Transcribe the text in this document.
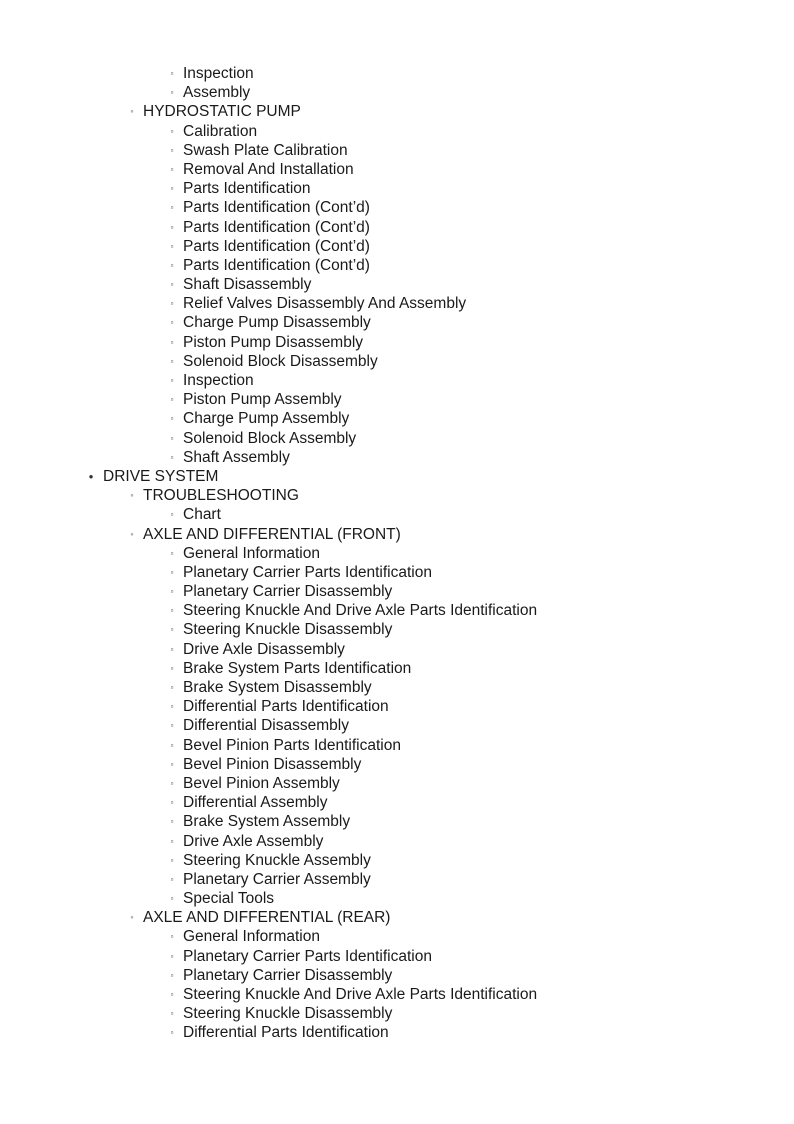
▫ Inspection
▫ Assembly
◦ HYDROSTATIC PUMP
▫ Calibration
▫ Swash Plate Calibration
▫ Removal And Installation
▫ Parts Identification
▫ Parts Identification (Cont’d)
▫ Parts Identification (Cont’d)
▫ Parts Identification (Cont’d)
▫ Parts Identification (Cont’d)
▫ Shaft Disassembly
▫ Relief Valves Disassembly And Assembly
▫ Charge Pump Disassembly
▫ Piston Pump Disassembly
▫ Solenoid Block Disassembly
▫ Inspection
▫ Piston Pump Assembly
▫ Charge Pump Assembly
▫ Solenoid Block Assembly
▫ Shaft Assembly
• DRIVE SYSTEM
◦ TROUBLESHOOTING
▫ Chart
◦ AXLE AND DIFFERENTIAL (FRONT)
▫ General Information
▫ Planetary Carrier Parts Identification
▫ Planetary Carrier Disassembly
▫ Steering Knuckle And Drive Axle Parts Identification
▫ Steering Knuckle Disassembly
▫ Drive Axle Disassembly
▫ Brake System Parts Identification
▫ Brake System Disassembly
▫ Differential Parts Identification
▫ Differential Disassembly
▫ Bevel Pinion Parts Identification
▫ Bevel Pinion Disassembly
▫ Bevel Pinion Assembly
▫ Differential Assembly
▫ Brake System Assembly
▫ Drive Axle Assembly
▫ Steering Knuckle Assembly
▫ Planetary Carrier Assembly
▫ Special Tools
◦ AXLE AND DIFFERENTIAL (REAR)
▫ General Information
▫ Planetary Carrier Parts Identification
▫ Planetary Carrier Disassembly
▫ Steering Knuckle And Drive Axle Parts Identification
▫ Steering Knuckle Disassembly
▫ Differential Parts Identification
